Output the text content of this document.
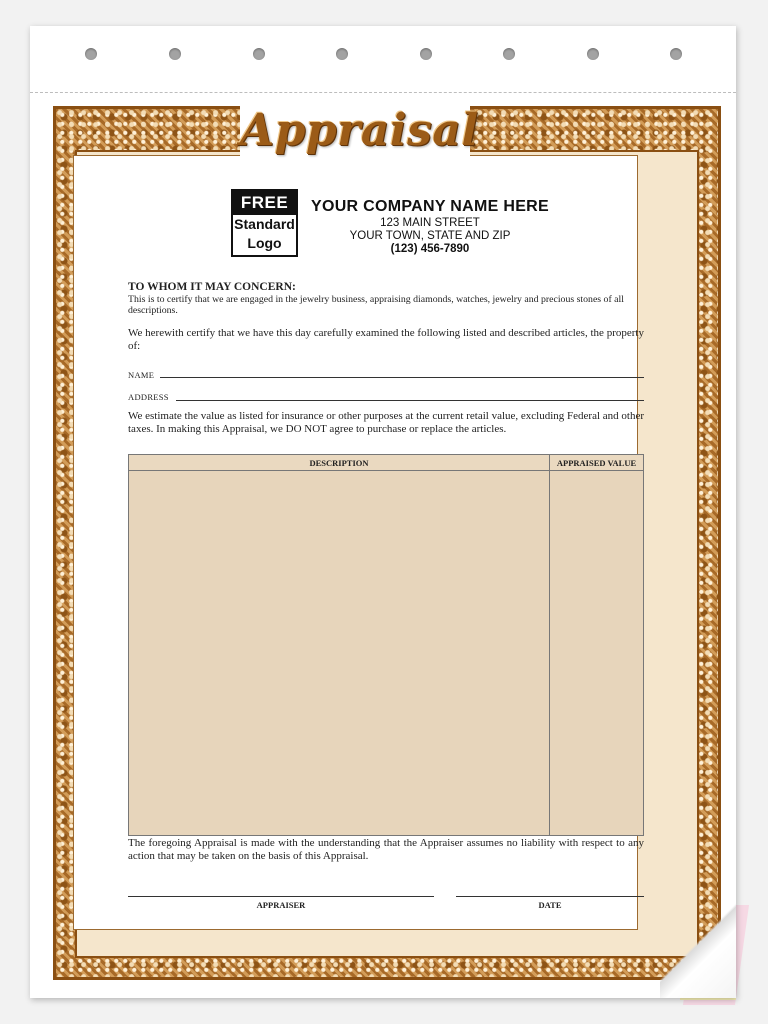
Appraisal
FREE
Standard
Logo
YOUR COMPANY NAME HERE
123 MAIN STREET
YOUR TOWN, STATE AND ZIP
(123) 456-7890
TO WHOM IT MAY CONCERN:
This is to certify that we are engaged in the jewelry business, appraising diamonds, watches, jewelry and precious stones of all descriptions.
We herewith certify that we have this day carefully examined the following listed and described articles, the property of:
NAME
ADDRESS
We estimate the value as listed for insurance or other purposes at the current retail value, excluding Federal and other taxes. In making this Appraisal, we DO NOT agree to purchase or replace the articles.
DESCRIPTION	APPRAISED VALUE
The foregoing Appraisal is made with the understanding that the Appraiser assumes no liability with respect to any action that may be taken on the basis of this Appraisal.
APPRAISER	DATE
